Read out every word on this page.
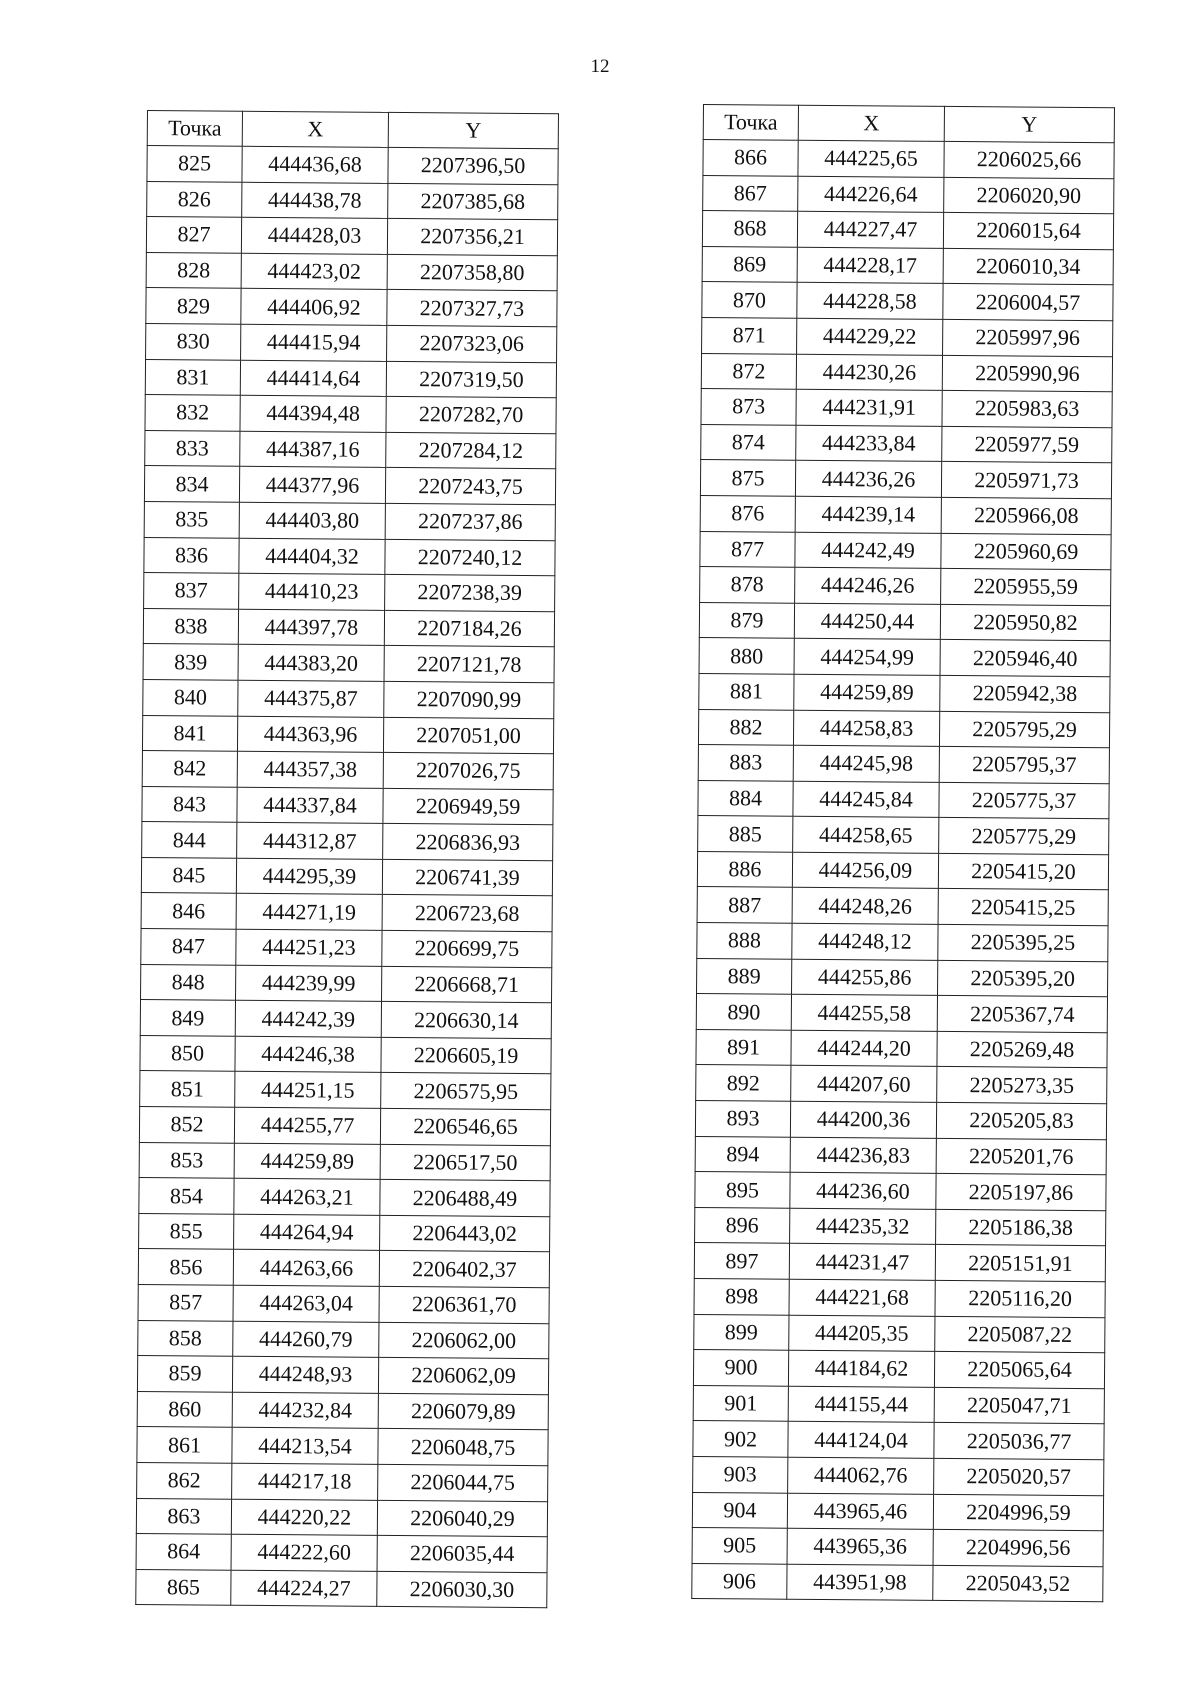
12
Точка	X	Y
825	444436,68	2207396,50
826	444438,78	2207385,68
827	444428,03	2207356,21
828	444423,02	2207358,80
829	444406,92	2207327,73
830	444415,94	2207323,06
831	444414,64	2207319,50
832	444394,48	2207282,70
833	444387,16	2207284,12
834	444377,96	2207243,75
835	444403,80	2207237,86
836	444404,32	2207240,12
837	444410,23	2207238,39
838	444397,78	2207184,26
839	444383,20	2207121,78
840	444375,87	2207090,99
841	444363,96	2207051,00
842	444357,38	2207026,75
843	444337,84	2206949,59
844	444312,87	2206836,93
845	444295,39	2206741,39
846	444271,19	2206723,68
847	444251,23	2206699,75
848	444239,99	2206668,71
849	444242,39	2206630,14
850	444246,38	2206605,19
851	444251,15	2206575,95
852	444255,77	2206546,65
853	444259,89	2206517,50
854	444263,21	2206488,49
855	444264,94	2206443,02
856	444263,66	2206402,37
857	444263,04	2206361,70
858	444260,79	2206062,00
859	444248,93	2206062,09
860	444232,84	2206079,89
861	444213,54	2206048,75
862	444217,18	2206044,75
863	444220,22	2206040,29
864	444222,60	2206035,44
865	444224,27	2206030,30
Точка	X	Y
866	444225,65	2206025,66
867	444226,64	2206020,90
868	444227,47	2206015,64
869	444228,17	2206010,34
870	444228,58	2206004,57
871	444229,22	2205997,96
872	444230,26	2205990,96
873	444231,91	2205983,63
874	444233,84	2205977,59
875	444236,26	2205971,73
876	444239,14	2205966,08
877	444242,49	2205960,69
878	444246,26	2205955,59
879	444250,44	2205950,82
880	444254,99	2205946,40
881	444259,89	2205942,38
882	444258,83	2205795,29
883	444245,98	2205795,37
884	444245,84	2205775,37
885	444258,65	2205775,29
886	444256,09	2205415,20
887	444248,26	2205415,25
888	444248,12	2205395,25
889	444255,86	2205395,20
890	444255,58	2205367,74
891	444244,20	2205269,48
892	444207,60	2205273,35
893	444200,36	2205205,83
894	444236,83	2205201,76
895	444236,60	2205197,86
896	444235,32	2205186,38
897	444231,47	2205151,91
898	444221,68	2205116,20
899	444205,35	2205087,22
900	444184,62	2205065,64
901	444155,44	2205047,71
902	444124,04	2205036,77
903	444062,76	2205020,57
904	443965,46	2204996,59
905	443965,36	2204996,56
906	443951,98	2205043,52
